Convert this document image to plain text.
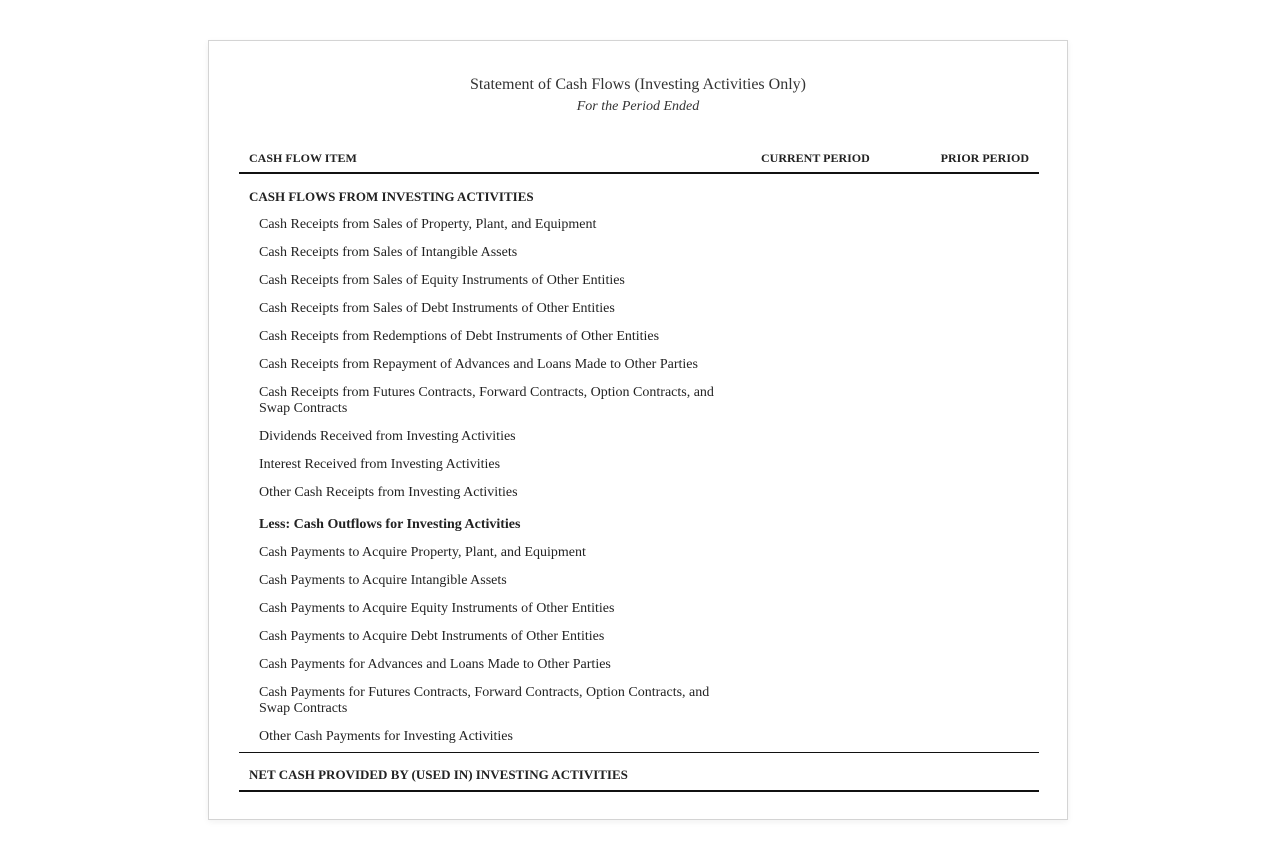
Statement of Cash Flows (Investing Activities Only)
For the Period Ended
CASH FLOW ITEM	CURRENT PERIOD	PRIOR PERIOD
CASH FLOWS FROM INVESTING ACTIVITIES
Cash Receipts from Sales of Property, Plant, and Equipment
Cash Receipts from Sales of Intangible Assets
Cash Receipts from Sales of Equity Instruments of Other Entities
Cash Receipts from Sales of Debt Instruments of Other Entities
Cash Receipts from Redemptions of Debt Instruments of Other Entities
Cash Receipts from Repayment of Advances and Loans Made to Other Parties
Cash Receipts from Futures Contracts, Forward Contracts, Option Contracts, and Swap Contracts
Dividends Received from Investing Activities
Interest Received from Investing Activities
Other Cash Receipts from Investing Activities
Less: Cash Outflows for Investing Activities
Cash Payments to Acquire Property, Plant, and Equipment
Cash Payments to Acquire Intangible Assets
Cash Payments to Acquire Equity Instruments of Other Entities
Cash Payments to Acquire Debt Instruments of Other Entities
Cash Payments for Advances and Loans Made to Other Parties
Cash Payments for Futures Contracts, Forward Contracts, Option Contracts, and Swap Contracts
Other Cash Payments for Investing Activities
NET CASH PROVIDED BY (USED IN) INVESTING ACTIVITIES
